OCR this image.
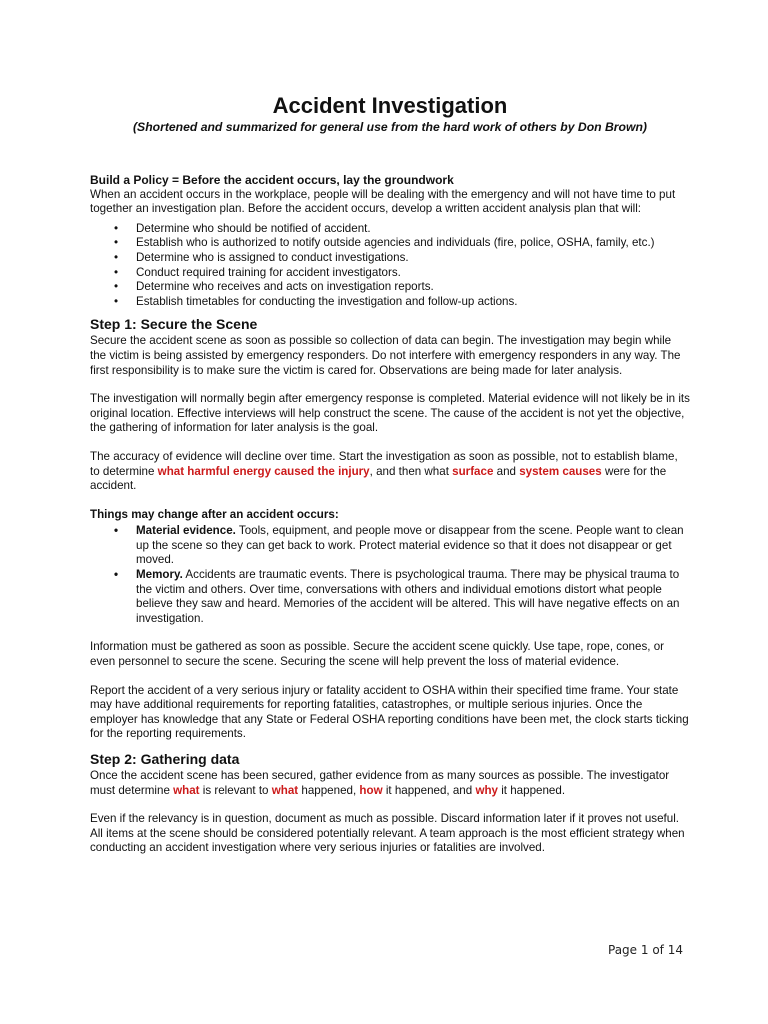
Accident Investigation
(Shortened and summarized for general use from the hard work of others by Don Brown)
Build a Policy = Before the accident occurs, lay the groundwork

When an accident occurs in the workplace, people will be dealing with the emergency and will not have time to put together an investigation plan. Before the accident occurs, develop a written accident analysis plan that will:

• Determine who should be notified of accident.
• Establish who is authorized to notify outside agencies and individuals (fire, police, OSHA, family, etc.)
• Determine who is assigned to conduct investigations.
• Conduct required training for accident investigators.
• Determine who receives and acts on investigation reports.
• Establish timetables for conducting the investigation and follow-up actions.
Step 1: Secure the Scene

Secure the accident scene as soon as possible so collection of data can begin. The investigation may begin while the victim is being assisted by emergency responders. Do not interfere with emergency responders in any way. The first responsibility is to make sure the victim is cared for. Observations are being made for later analysis.

The investigation will normally begin after emergency response is completed. Material evidence will not likely be in its original location. Effective interviews will help construct the scene. The cause of the accident is not yet the objective, the gathering of information for later analysis is the goal.

The accuracy of evidence will decline over time. Start the investigation as soon as possible, not to establish blame, to determine what harmful energy caused the injury, and then what surface and system causes were for the accident.

Things may change after an accident occurs:
• Material evidence. Tools, equipment, and people move or disappear from the scene. People want to clean up the scene so they can get back to work. Protect material evidence so that it does not disappear or get moved.
• Memory. Accidents are traumatic events. There is psychological trauma. There may be physical trauma to the victim and others. Over time, conversations with others and individual emotions distort what people believe they saw and heard. Memories of the accident will be altered. This will have negative effects on an investigation.

Information must be gathered as soon as possible. Secure the accident scene quickly. Use tape, rope, cones, or even personnel to secure the scene. Securing the scene will help prevent the loss of material evidence.

Report the accident of a very serious injury or fatality accident to OSHA within their specified time frame. Your state may have additional requirements for reporting fatalities, catastrophes, or multiple serious injuries. Once the employer has knowledge that any State or Federal OSHA reporting conditions have been met, the clock starts ticking for the reporting requirements.

Step 2: Gathering data

Once the accident scene has been secured, gather evidence from as many sources as possible. The investigator must determine what is relevant to what happened, how it happened, and why it happened.

Even if the relevancy is in question, document as much as possible. Discard information later if it proves not useful. All items at the scene should be considered potentially relevant. A team approach is the most efficient strategy when conducting an accident investigation where very serious injuries or fatalities are involved.

Page 1 of 14
